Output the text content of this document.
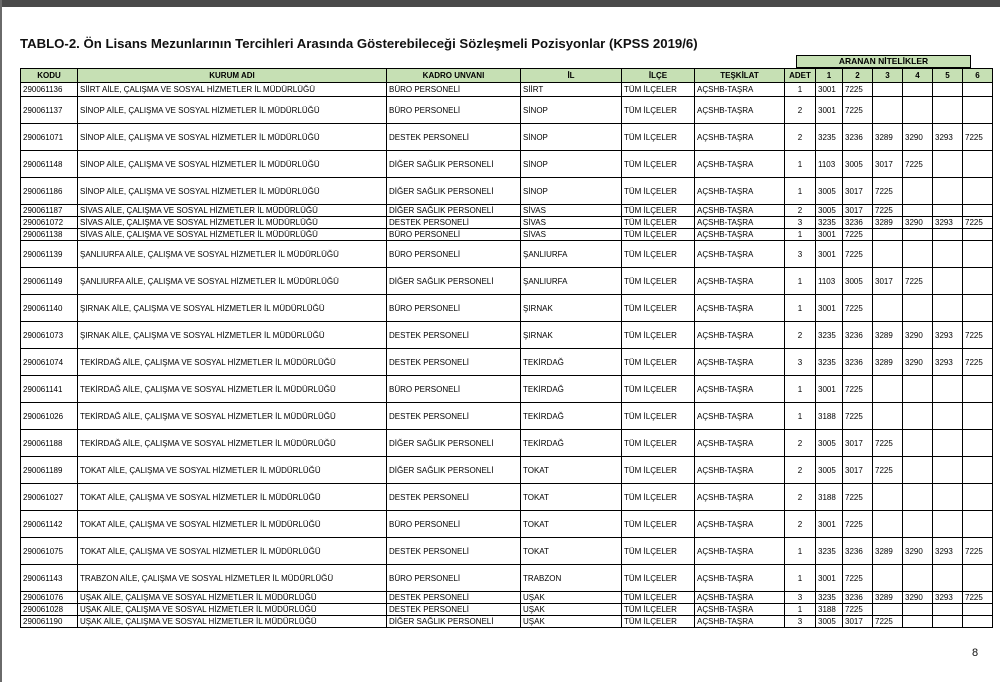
TABLO-2. Ön Lisans Mezunlarının Tercihleri Arasında Gösterebileceği Sözleşmeli Pozisyonlar (KPSS 2019/6)
ARANAN NİTELİKLER
KODU	KURUM ADI	KADRO UNVANI	İL	İLÇE	TEŞKİLAT	ADET	1	2	3	4	5	6
290061136	SİİRT AİLE, ÇALIŞMA VE SOSYAL HİZMETLER İL MÜDÜRLÜĞÜ	BÜRO PERSONELİ	SİİRT	TÜM İLÇELER	AÇSHB-TAŞRA	1	3001	7225				
290061137	SİNOP AİLE, ÇALIŞMA VE SOSYAL HİZMETLER İL MÜDÜRLÜĞÜ	BÜRO PERSONELİ	SİNOP	TÜM İLÇELER	AÇSHB-TAŞRA	2	3001	7225				
290061071	SİNOP AİLE, ÇALIŞMA VE SOSYAL HİZMETLER İL MÜDÜRLÜĞÜ	DESTEK PERSONELİ	SİNOP	TÜM İLÇELER	AÇSHB-TAŞRA	2	3235	3236	3289	3290	3293	7225
290061148	SİNOP AİLE, ÇALIŞMA VE SOSYAL HİZMETLER İL MÜDÜRLÜĞÜ	DİĞER SAĞLIK PERSONELİ	SİNOP	TÜM İLÇELER	AÇSHB-TAŞRA	1	1103	3005	3017	7225		
290061186	SİNOP AİLE, ÇALIŞMA VE SOSYAL HİZMETLER İL MÜDÜRLÜĞÜ	DİĞER SAĞLIK PERSONELİ	SİNOP	TÜM İLÇELER	AÇSHB-TAŞRA	1	3005	3017	7225			
290061187	SİVAS AİLE, ÇALIŞMA VE SOSYAL HİZMETLER İL MÜDÜRLÜĞÜ	DİĞER SAĞLIK PERSONELİ	SİVAS	TÜM İLÇELER	AÇSHB-TAŞRA	2	3005	3017	7225			
290061072	SİVAS AİLE, ÇALIŞMA VE SOSYAL HİZMETLER İL MÜDÜRLÜĞÜ	DESTEK PERSONELİ	SİVAS	TÜM İLÇELER	AÇSHB-TAŞRA	3	3235	3236	3289	3290	3293	7225
290061138	SİVAS AİLE, ÇALIŞMA VE SOSYAL HİZMETLER İL MÜDÜRLÜĞÜ	BÜRO PERSONELİ	SİVAS	TÜM İLÇELER	AÇSHB-TAŞRA	1	3001	7225				
290061139	ŞANLIURFA AİLE, ÇALIŞMA VE SOSYAL HİZMETLER İL MÜDÜRLÜĞÜ	BÜRO PERSONELİ	ŞANLIURFA	TÜM İLÇELER	AÇSHB-TAŞRA	3	3001	7225				
290061149	ŞANLIURFA AİLE, ÇALIŞMA VE SOSYAL HİZMETLER İL MÜDÜRLÜĞÜ	DİĞER SAĞLIK PERSONELİ	ŞANLIURFA	TÜM İLÇELER	AÇSHB-TAŞRA	1	1103	3005	3017	7225		
290061140	ŞIRNAK AİLE, ÇALIŞMA VE SOSYAL HİZMETLER İL MÜDÜRLÜĞÜ	BÜRO PERSONELİ	ŞIRNAK	TÜM İLÇELER	AÇSHB-TAŞRA	1	3001	7225				
290061073	ŞIRNAK AİLE, ÇALIŞMA VE SOSYAL HİZMETLER İL MÜDÜRLÜĞÜ	DESTEK PERSONELİ	ŞIRNAK	TÜM İLÇELER	AÇSHB-TAŞRA	2	3235	3236	3289	3290	3293	7225
290061074	TEKİRDAĞ AİLE, ÇALIŞMA VE SOSYAL HİZMETLER İL MÜDÜRLÜĞÜ	DESTEK PERSONELİ	TEKİRDAĞ	TÜM İLÇELER	AÇSHB-TAŞRA	3	3235	3236	3289	3290	3293	7225
290061141	TEKİRDAĞ AİLE, ÇALIŞMA VE SOSYAL HİZMETLER İL MÜDÜRLÜĞÜ	BÜRO PERSONELİ	TEKİRDAĞ	TÜM İLÇELER	AÇSHB-TAŞRA	1	3001	7225				
290061026	TEKİRDAĞ AİLE, ÇALIŞMA VE SOSYAL HİZMETLER İL MÜDÜRLÜĞÜ	DESTEK PERSONELİ	TEKİRDAĞ	TÜM İLÇELER	AÇSHB-TAŞRA	1	3188	7225				
290061188	TEKİRDAĞ AİLE, ÇALIŞMA VE SOSYAL HİZMETLER İL MÜDÜRLÜĞÜ	DİĞER SAĞLIK PERSONELİ	TEKİRDAĞ	TÜM İLÇELER	AÇSHB-TAŞRA	2	3005	3017	7225			
290061189	TOKAT AİLE, ÇALIŞMA VE SOSYAL HİZMETLER İL MÜDÜRLÜĞÜ	DİĞER SAĞLIK PERSONELİ	TOKAT	TÜM İLÇELER	AÇSHB-TAŞRA	2	3005	3017	7225			
290061027	TOKAT AİLE, ÇALIŞMA VE SOSYAL HİZMETLER İL MÜDÜRLÜĞÜ	DESTEK PERSONELİ	TOKAT	TÜM İLÇELER	AÇSHB-TAŞRA	2	3188	7225				
290061142	TOKAT AİLE, ÇALIŞMA VE SOSYAL HİZMETLER İL MÜDÜRLÜĞÜ	BÜRO PERSONELİ	TOKAT	TÜM İLÇELER	AÇSHB-TAŞRA	2	3001	7225				
290061075	TOKAT AİLE, ÇALIŞMA VE SOSYAL HİZMETLER İL MÜDÜRLÜĞÜ	DESTEK PERSONELİ	TOKAT	TÜM İLÇELER	AÇSHB-TAŞRA	1	3235	3236	3289	3290	3293	7225
290061143	TRABZON AİLE, ÇALIŞMA VE SOSYAL HİZMETLER İL MÜDÜRLÜĞÜ	BÜRO PERSONELİ	TRABZON	TÜM İLÇELER	AÇSHB-TAŞRA	1	3001	7225				
290061076	UŞAK AİLE, ÇALIŞMA VE SOSYAL HİZMETLER İL MÜDÜRLÜĞÜ	DESTEK PERSONELİ	UŞAK	TÜM İLÇELER	AÇSHB-TAŞRA	3	3235	3236	3289	3290	3293	7225
290061028	UŞAK AİLE, ÇALIŞMA VE SOSYAL HİZMETLER İL MÜDÜRLÜĞÜ	DESTEK PERSONELİ	UŞAK	TÜM İLÇELER	AÇSHB-TAŞRA	1	3188	7225				
290061190	UŞAK AİLE, ÇALIŞMA VE SOSYAL HİZMETLER İL MÜDÜRLÜĞÜ	DİĞER SAĞLIK PERSONELİ	UŞAK	TÜM İLÇELER	AÇSHB-TAŞRA	3	3005	3017	7225			
8
